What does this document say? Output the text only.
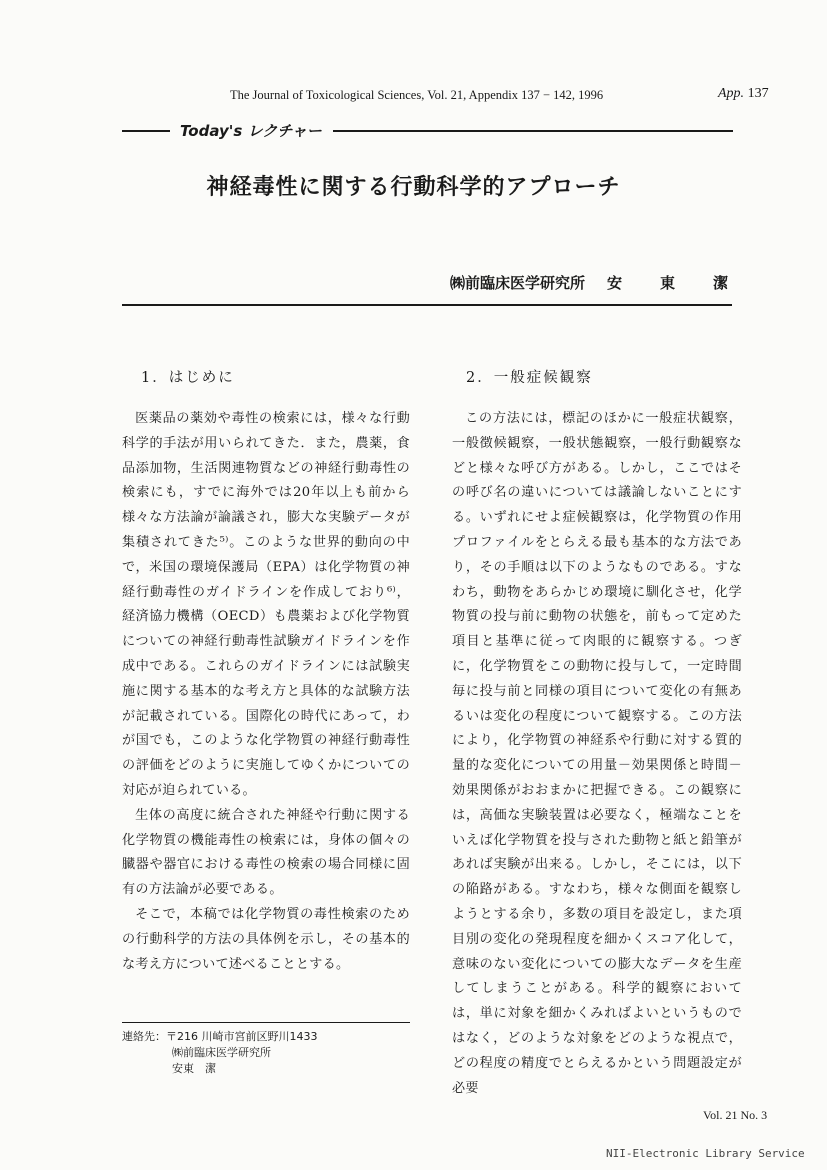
The Journal of Toxicological Sciences, Vol. 21, Appendix 137 − 142, 1996	App. 137
Today's レクチャー
神経毒性に関する行動科学的アプローチ
㈱前臨床医学研究所 安東潔
1．はじめに	2．一般症候観察

医薬品の薬効や毒性の検索には，様々な行動科学的手法が用いられてきた．また，農薬，食品添加物，生活関連物質などの神経行動毒性の検索にも，すでに海外では20年以上も前から様々な方法論が論議され，膨大な実験データが集積されてきた⁵⁾。このような世界的動向の中で，米国の環境保護局（EPA）は化学物質の神経行動毒性のガイドラインを作成しており⁶⁾，経済協力機構（OECD）も農薬および化学物質についての神経行動毒性試験ガイドラインを作成中である。これらのガイドラインには試験実施に関する基本的な考え方と具体的な試験方法が記載されている。国際化の時代にあって，わが国でも，このような化学物質の神経行動毒性の評価をどのように実施してゆくかについての対応が迫られている。

生体の高度に統合された神経や行動に関する化学物質の機能毒性の検索には，身体の個々の臓器や器官における毒性の検索の場合同様に固有の方法論が必要である。

そこで，本稿では化学物質の毒性検索のための行動科学的方法の具体例を示し，その基本的な考え方について述べることとする。

この方法には，標記のほかに一般症状観察，一般徴候観察，一般状態観察，一般行動観察などと様々な呼び方がある。しかし，ここではその呼び名の違いについては議論しないことにする。いずれにせよ症候観察は，化学物質の作用プロファイルをとらえる最も基本的な方法であり，その手順は以下のようなものである。すなわち，動物をあらかじめ環境に馴化させ，化学物質の投与前に動物の状態を，前もって定めた項目と基準に従って肉眼的に観察する。つぎに，化学物質をこの動物に投与して，一定時間毎に投与前と同様の項目について変化の有無あるいは変化の程度について観察する。この方法により，化学物質の神経系や行動に対する質的量的な変化についての用量－効果関係と時間－効果関係がおおまかに把握できる。この観察には，高価な実験装置は必要なく，極端なことをいえば化学物質を投与された動物と紙と鉛筆があれば実験が出来る。しかし，そこには，以下の陥路がある。すなわち，様々な側面を観察しようとする余り，多数の項目を設定し，また項目別の変化の発現程度を細かくスコア化して，意味のない変化についての膨大なデータを生産してしまうことがある。科学的観察においては，単に対象を細かくみればよいというものではなく，どのような対象をどのような視点で，どの程度の精度でとらえるかという問題設定が必要

連絡先：〒216 川崎市宮前区野川1433
㈱前臨床医学研究所
安東　潔
Vol. 21 No. 3
NII-Electronic Library Service
